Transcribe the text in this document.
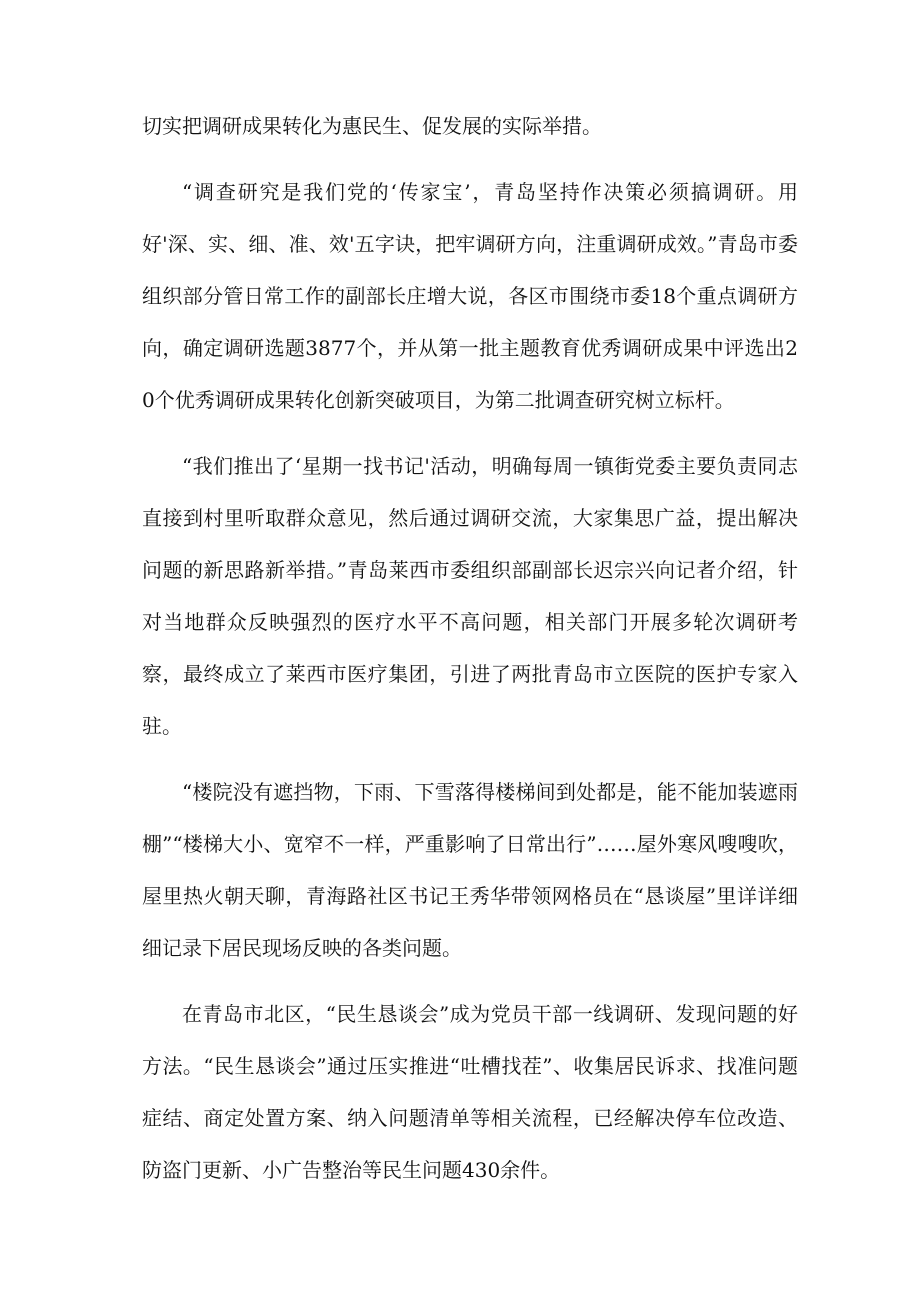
切实把调研成果转化为惠民生、促发展的实际举措。

“调查研究是我们党的‘传家宝’，青岛坚持作决策必须搞调研。用好'深、实、细、准、效'五字诀，把牢调研方向，注重调研成效。”青岛市委组织部分管日常工作的副部长庄增大说，各区市围绕市委18个重点调研方向，确定调研选题3877个，并从第一批主题教育优秀调研成果中评选出20个优秀调研成果转化创新突破项目，为第二批调查研究树立标杆。

“我们推出了‘星期一找书记'活动，明确每周一镇街党委主要负责同志直接到村里听取群众意见，然后通过调研交流，大家集思广益，提出解决问题的新思路新举措。”青岛莱西市委组织部副部长迟宗兴向记者介绍，针对当地群众反映强烈的医疗水平不高问题，相关部门开展多轮次调研考察，最终成立了莱西市医疗集团，引进了两批青岛市立医院的医护专家入驻。

“楼院没有遮挡物，下雨、下雪落得楼梯间到处都是，能不能加装遮雨棚”“楼梯大小、宽窄不一样，严重影响了日常出行”……屋外寒风嗖嗖吹，屋里热火朝天聊，青海路社区书记王秀华带领网格员在“恳谈屋”里详详细细记录下居民现场反映的各类问题。

在青岛市北区，“民生恳谈会”成为党员干部一线调研、发现问题的好方法。“民生恳谈会”通过压实推进“吐槽找茬”、收集居民诉求、找准问题症结、商定处置方案、纳入问题清单等相关流程，已经解决停车位改造、防盗门更新、小广告整治等民生问题430余件。
